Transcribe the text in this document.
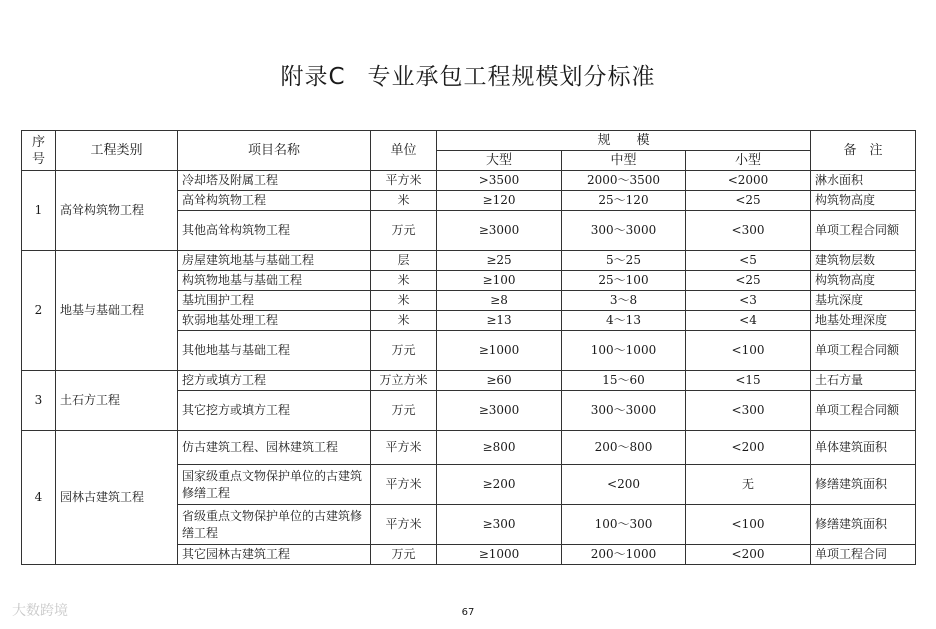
附录C 专业承包工程规模划分标准
序号	工程类别	项目名称	单位	规　　模			备　注
				大型	中型	小型	
1	高耸构筑物工程	冷却塔及附属工程	平方米	>3500	2000～3500	<2000	淋水面积
		高耸构筑物工程	米	≥120	25～120	<25	构筑物高度
		其他高耸构筑物工程	万元	≥3000	300～3000	<300	单项工程合同额
2	地基与基础工程	房屋建筑地基与基础工程	层	≥25	5～25	<5	建筑物层数
		构筑物地基与基础工程	米	≥100	25～100	<25	构筑物高度
		基坑围护工程	米	≥8	3～8	<3	基坑深度
		软弱地基处理工程	米	≥13	4～13	<4	地基处理深度
		其他地基与基础工程	万元	≥1000	100～1000	<100	单项工程合同额
3	土石方工程	挖方或填方工程	万立方米	≥60	15～60	<15	土石方量
		其它挖方或填方工程	万元	≥3000	300～3000	<300	单项工程合同额
4	园林古建筑工程	仿古建筑工程、园林建筑工程	平方米	≥800	200～800	<200	单体建筑面积
		国家级重点文物保护单位的古建筑修缮工程	平方米	≥200	<200	无	修缮建筑面积
		省级重点文物保护单位的古建筑修缮工程	平方米	≥300	100～300	<100	修缮建筑面积
		其它园林古建筑工程	万元	≥1000	200～1000	<200	单项工程合同
67
大数跨境
